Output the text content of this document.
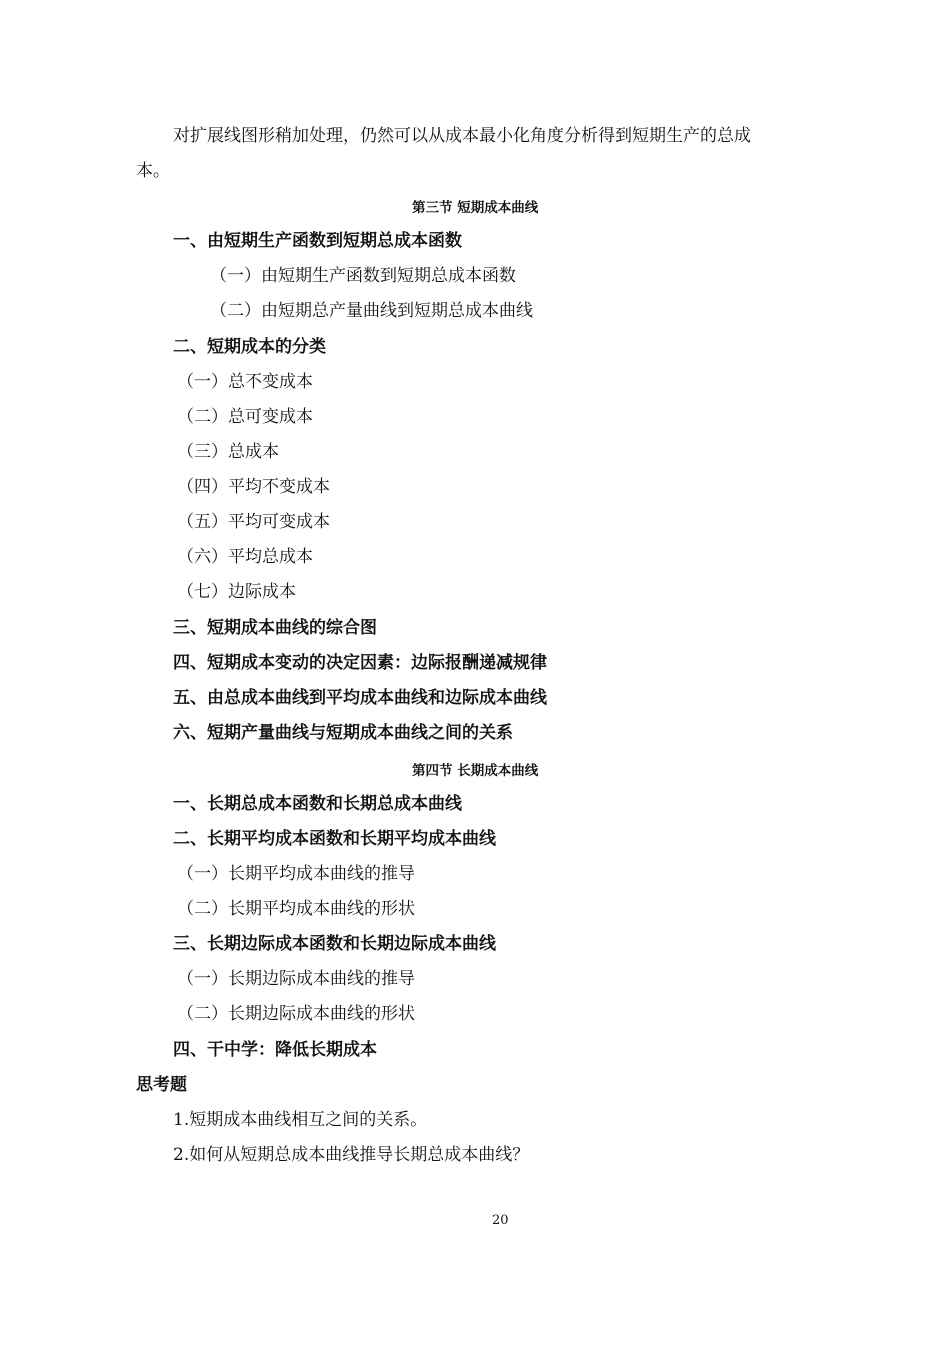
对扩展线图形稍加处理，仍然可以从成本最小化角度分析得到短期生产的总成
本。
第三节 短期成本曲线
一、由短期生产函数到短期总成本函数
（一）由短期生产函数到短期总成本函数
（二）由短期总产量曲线到短期总成本曲线
二、短期成本的分类
（一）总不变成本
（二）总可变成本
（三）总成本
（四）平均不变成本
（五）平均可变成本
（六）平均总成本
（七）边际成本
三、短期成本曲线的综合图
四、短期成本变动的决定因素：边际报酬递减规律
五、由总成本曲线到平均成本曲线和边际成本曲线
六、短期产量曲线与短期成本曲线之间的关系
第四节 长期成本曲线
一、长期总成本函数和长期总成本曲线
二、长期平均成本函数和长期平均成本曲线
（一）长期平均成本曲线的推导
（二）长期平均成本曲线的形状
三、长期边际成本函数和长期边际成本曲线
（一）长期边际成本曲线的推导
（二）长期边际成本曲线的形状
四、干中学：降低长期成本
思考题
1.短期成本曲线相互之间的关系。
2.如何从短期总成本曲线推导长期总成本曲线？
20
